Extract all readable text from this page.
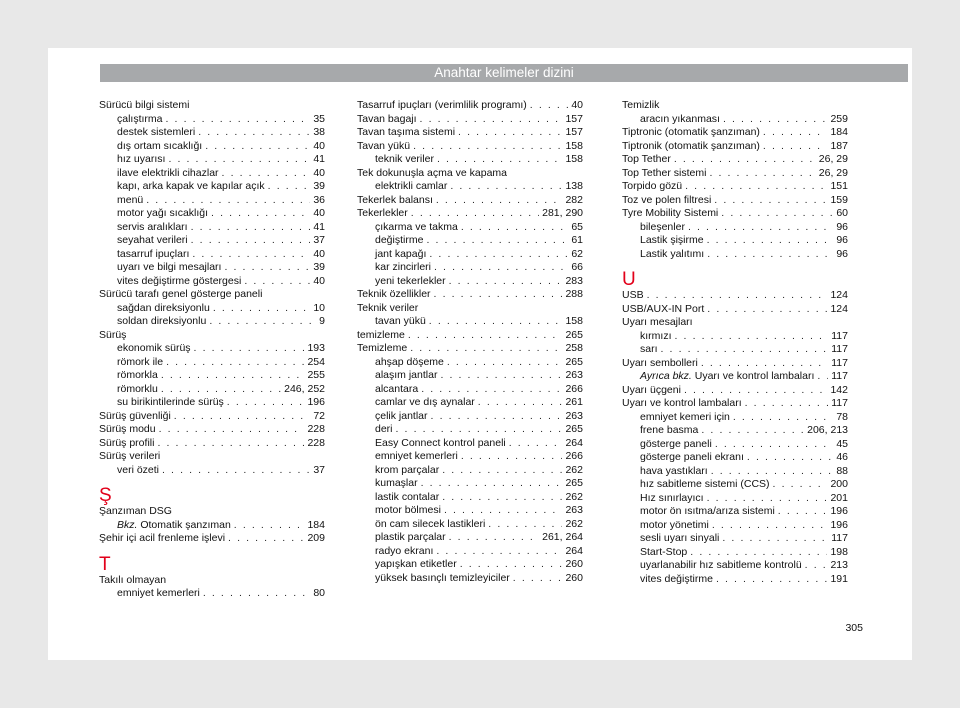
Anahtar kelimeler dizini
Sürücü bilgi sistemi
çalıştırma . . .	35
destek sistemleri . . .	38
dış ortam sıcaklığı . . .	40
hız uyarısı . . .	41
ilave elektrikli cihazlar . . .	40
kapı, arka kapak ve kapılar açık . . .	39
menü . . .	36
motor yağı sıcaklığı . . .	40
servis aralıkları . . .	41
seyahat verileri . . .	37
tasarruf ipuçları . . .	40
uyarı ve bilgi mesajları . . .	39
vites değiştirme göstergesi . . .	40
Sürücü tarafı genel gösterge paneli
sağdan direksiyonlu . . .	10
soldan direksiyonlu . . .	9
Sürüş
ekonomik sürüş . . .	193
römork ile . . .	254
römorkla . . .	255
römorklu . . .	246, 252
su birikintilerinde sürüş . . .	196
Sürüş güvenliği . . .	72
Sürüş modu . . .	228
Sürüş profili . . .	228
Sürüş verileri
veri özeti . . .	37
Ş
Şanzıman DSG
Bkz. Otomatik şanzıman . . .	184
Şehir içi acil frenleme işlevi . . .	209
T
Takılı olmayan
emniyet kemerleri . . .	80
Tasarruf ipuçları (verimlilik programı) . . .	40
Tavan bagajı . . .	157
Tavan taşıma sistemi . . .	157
Tavan yükü . . .	158
teknik veriler . . .	158
Tek dokunuşla açma ve kapama
elektrikli camlar . . .	138
Tekerlek balansı . . .	282
Tekerlekler . . .	281, 290
çıkarma ve takma . . .	65
değiştirme . . .	61
jant kapağı . . .	62
kar zincirleri . . .	66
yeni tekerlekler . . .	283
Teknik özellikler . . .	288
Teknik veriler
tavan yükü . . .	158
temizleme . . .	265
Temizleme . . .	258
ahşap döşeme . . .	265
alaşım jantlar . . .	263
alcantara . . .	266
camlar ve dış aynalar . . .	261
çelik jantlar . . .	263
deri . . .	265
Easy Connect kontrol paneli . . .	264
emniyet kemerleri . . .	266
krom parçalar . . .	262
kumaşlar . . .	265
lastik contalar . . .	262
motor bölmesi . . .	263
ön cam silecek lastikleri . . .	262
plastik parçalar . . .	261, 264
radyo ekranı . . .	264
yapışkan etiketler . . .	260
yüksek basınçlı temizleyiciler . . .	260
Temizlik
aracın yıkanması . . .	259
Tiptronic (otomatik şanzıman) . . .	184
Tiptronik (otomatik şanzıman) . . .	187
Top Tether . . .	26, 29
Top Tether sistemi . . .	26, 29
Torpido gözü . . .	151
Toz ve polen filtresi . . .	159
Tyre Mobility Sistemi . . .	60
bileşenler . . .	96
Lastik şişirme . . .	96
Lastik yalıtımı . . .	96
U
USB . . .	124
USB/AUX-IN Port . . .	124
Uyarı mesajları
kırmızı . . .	117
sarı . . .	117
Uyarı sembolleri . . .	117
Ayrıca bkz. Uyarı ve kontrol lambaları . . . 117
Uyarı üçgeni . . .	142
Uyarı ve kontrol lambaları . . .	117
emniyet kemeri için . . .	78
frene basma . . .	206, 213
gösterge paneli . . .	45
gösterge paneli ekranı . . .	46
hava yastıkları . . .	88
hız sabitleme sistemi (CCS) . . .	200
Hız sınırlayıcı . . .	201
motor ön ısıtma/arıza sistemi . . .	196
motor yönetimi . . .	196
sesli uyarı sinyali . . .	117
Start-Stop . . .	198
uyarlanabilir hız sabitleme kontrolü . . .	213
vites değiştirme . . .	191
305
